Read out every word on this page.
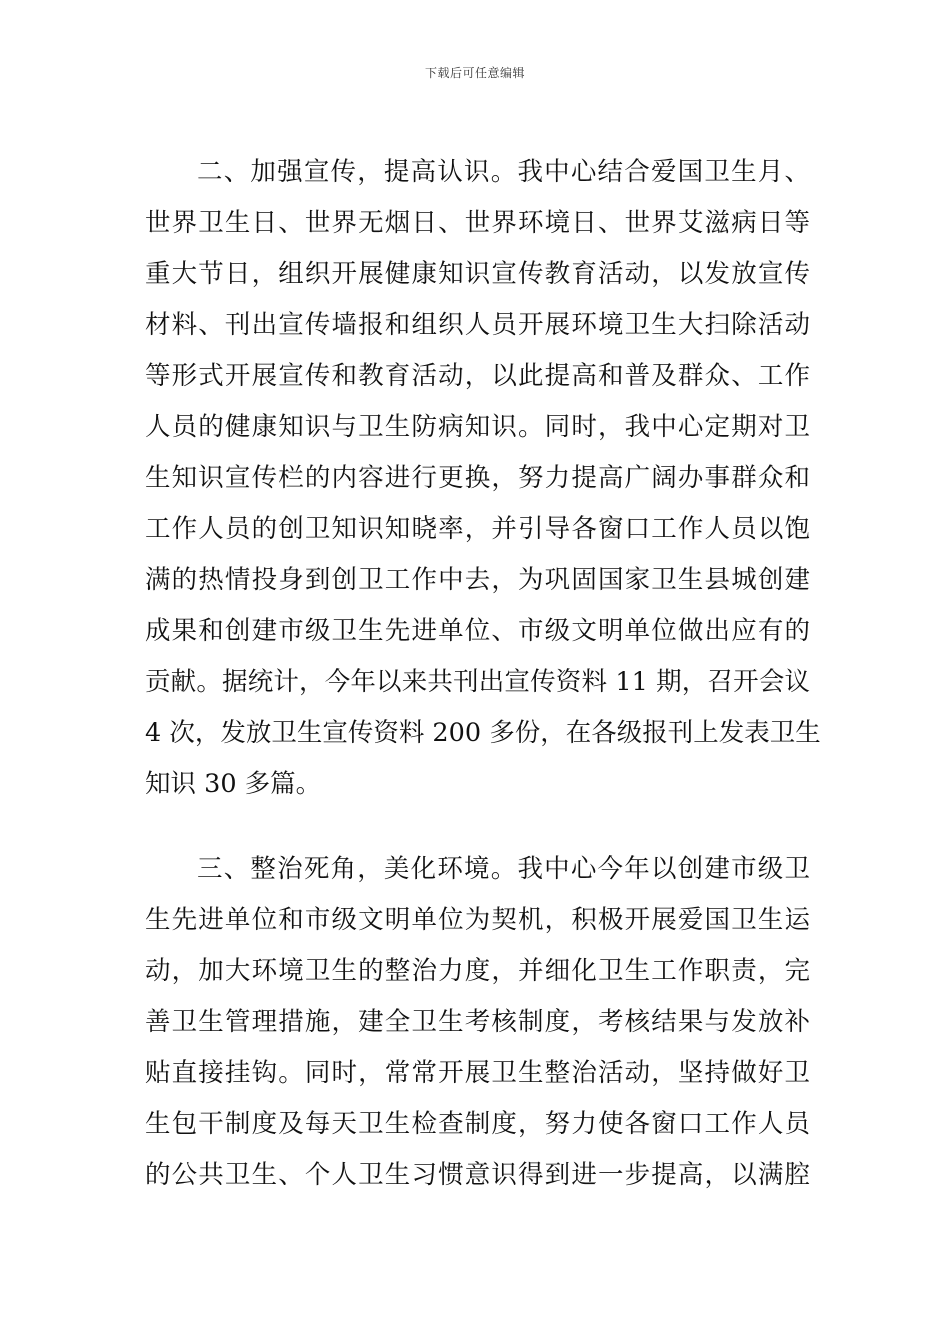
下载后可任意编辑
二、加强宣传，提高认识。我中心结合爱国卫生月、
世界卫生日、世界无烟日、世界环境日、世界艾滋病日等
重大节日，组织开展健康知识宣传教育活动，以发放宣传
材料、刊出宣传墙报和组织人员开展环境卫生大扫除活动
等形式开展宣传和教育活动，以此提高和普及群众、工作
人员的健康知识与卫生防病知识。同时，我中心定期对卫
生知识宣传栏的内容进行更换，努力提高广阔办事群众和
工作人员的创卫知识知晓率，并引导各窗口工作人员以饱
满的热情投身到创卫工作中去，为巩固国家卫生县城创建
成果和创建市级卫生先进单位、市级文明单位做出应有的
贡献。据统计，今年以来共刊出宣传资料 11 期，召开会议
4 次，发放卫生宣传资料 200 多份，在各级报刊上发表卫生
知识 30 多篇。
三、整治死角，美化环境。我中心今年以创建市级卫
生先进单位和市级文明单位为契机，积极开展爱国卫生运
动，加大环境卫生的整治力度，并细化卫生工作职责，完
善卫生管理措施，建全卫生考核制度，考核结果与发放补
贴直接挂钩。同时，常常开展卫生整治活动，坚持做好卫
生包干制度及每天卫生检查制度，努力使各窗口工作人员
的公共卫生、个人卫生习惯意识得到进一步提高，以满腔
